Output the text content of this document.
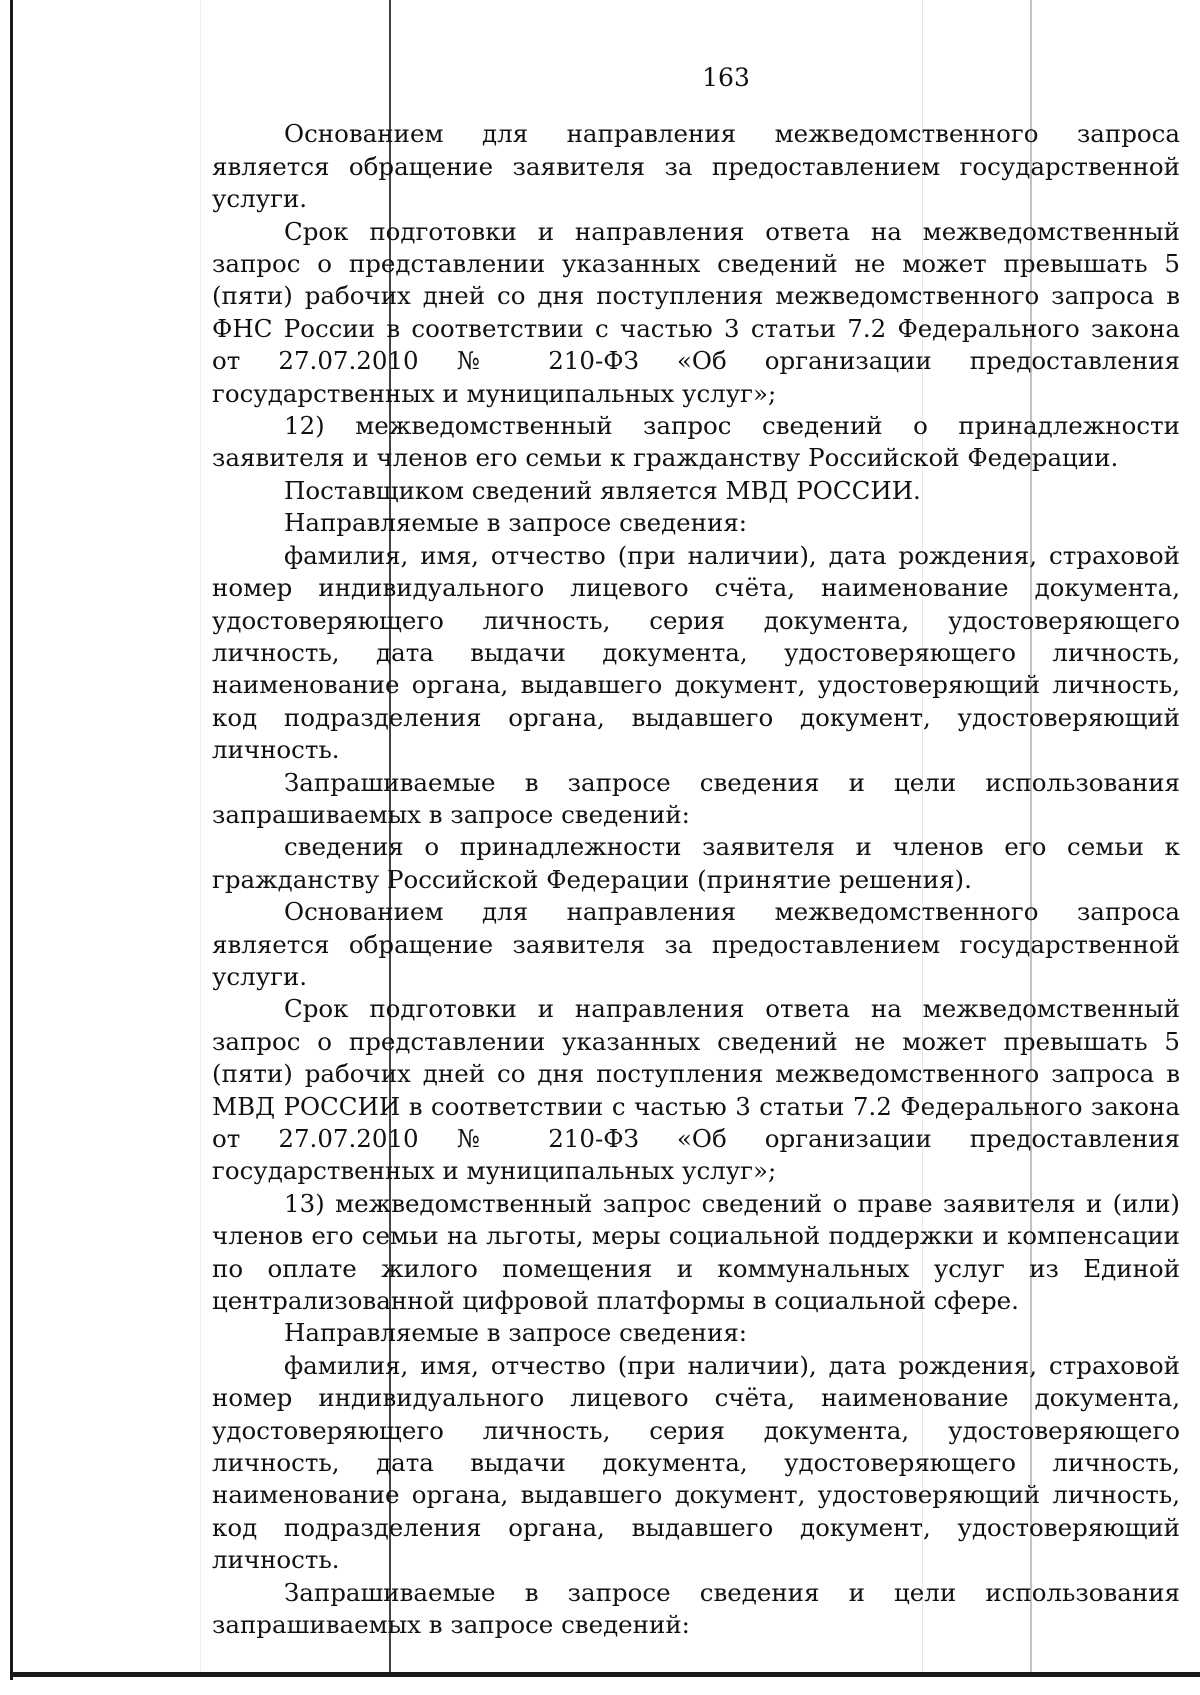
163

Основанием для направления межведомственного запроса является обращение заявителя за предоставлением государственной услуги.

Срок подготовки и направления ответа на межведомственный запрос о представлении указанных сведений не может превышать 5 (пяти) рабочих дней со дня поступления межведомственного запроса в ФНС России в соответствии с частью 3 статьи 7.2 Федерального закона от 27.07.2010 № 210-ФЗ «Об организации предоставления государственных и муниципальных услуг»;

12) межведомственный запрос сведений о принадлежности заявителя и членов его семьи к гражданству Российской Федерации.

Поставщиком сведений является МВД РОССИИ.

Направляемые в запросе сведения:

фамилия, имя, отчество (при наличии), дата рождения, страховой номер индивидуального лицевого счёта, наименование документа, удостоверяющего личность, серия документа, удостоверяющего личность, дата выдачи документа, удостоверяющего личность, наименование органа, выдавшего документ, удостоверяющий личность, код подразделения органа, выдавшего документ, удостоверяющий личность.

Запрашиваемые в запросе сведения и цели использования запрашиваемых в запросе сведений:

сведения о принадлежности заявителя и членов его семьи к гражданству Российской Федерации (принятие решения).

Основанием для направления межведомственного запроса является обращение заявителя за предоставлением государственной услуги.

Срок подготовки и направления ответа на межведомственный запрос о представлении указанных сведений не может превышать 5 (пяти) рабочих дней со дня поступления межведомственного запроса в МВД РОССИИ в соответствии с частью 3 статьи 7.2 Федерального закона от 27.07.2010 № 210-ФЗ «Об организации предоставления государственных и муниципальных услуг»;

13) межведомственный запрос сведений о праве заявителя и (или) членов его семьи на льготы, меры социальной поддержки и компенсации по оплате жилого помещения и коммунальных услуг из Единой централизованной цифровой платформы в социальной сфере.

Направляемые в запросе сведения:

фамилия, имя, отчество (при наличии), дата рождения, страховой номер индивидуального лицевого счёта, наименование документа, удостоверяющего личность, серия документа, удостоверяющего личность, дата выдачи документа, удостоверяющего личность, наименование органа, выдавшего документ, удостоверяющий личность, код подразделения органа, выдавшего документ, удостоверяющий личность.

Запрашиваемые в запросе сведения и цели использования запрашиваемых в запросе сведений:
